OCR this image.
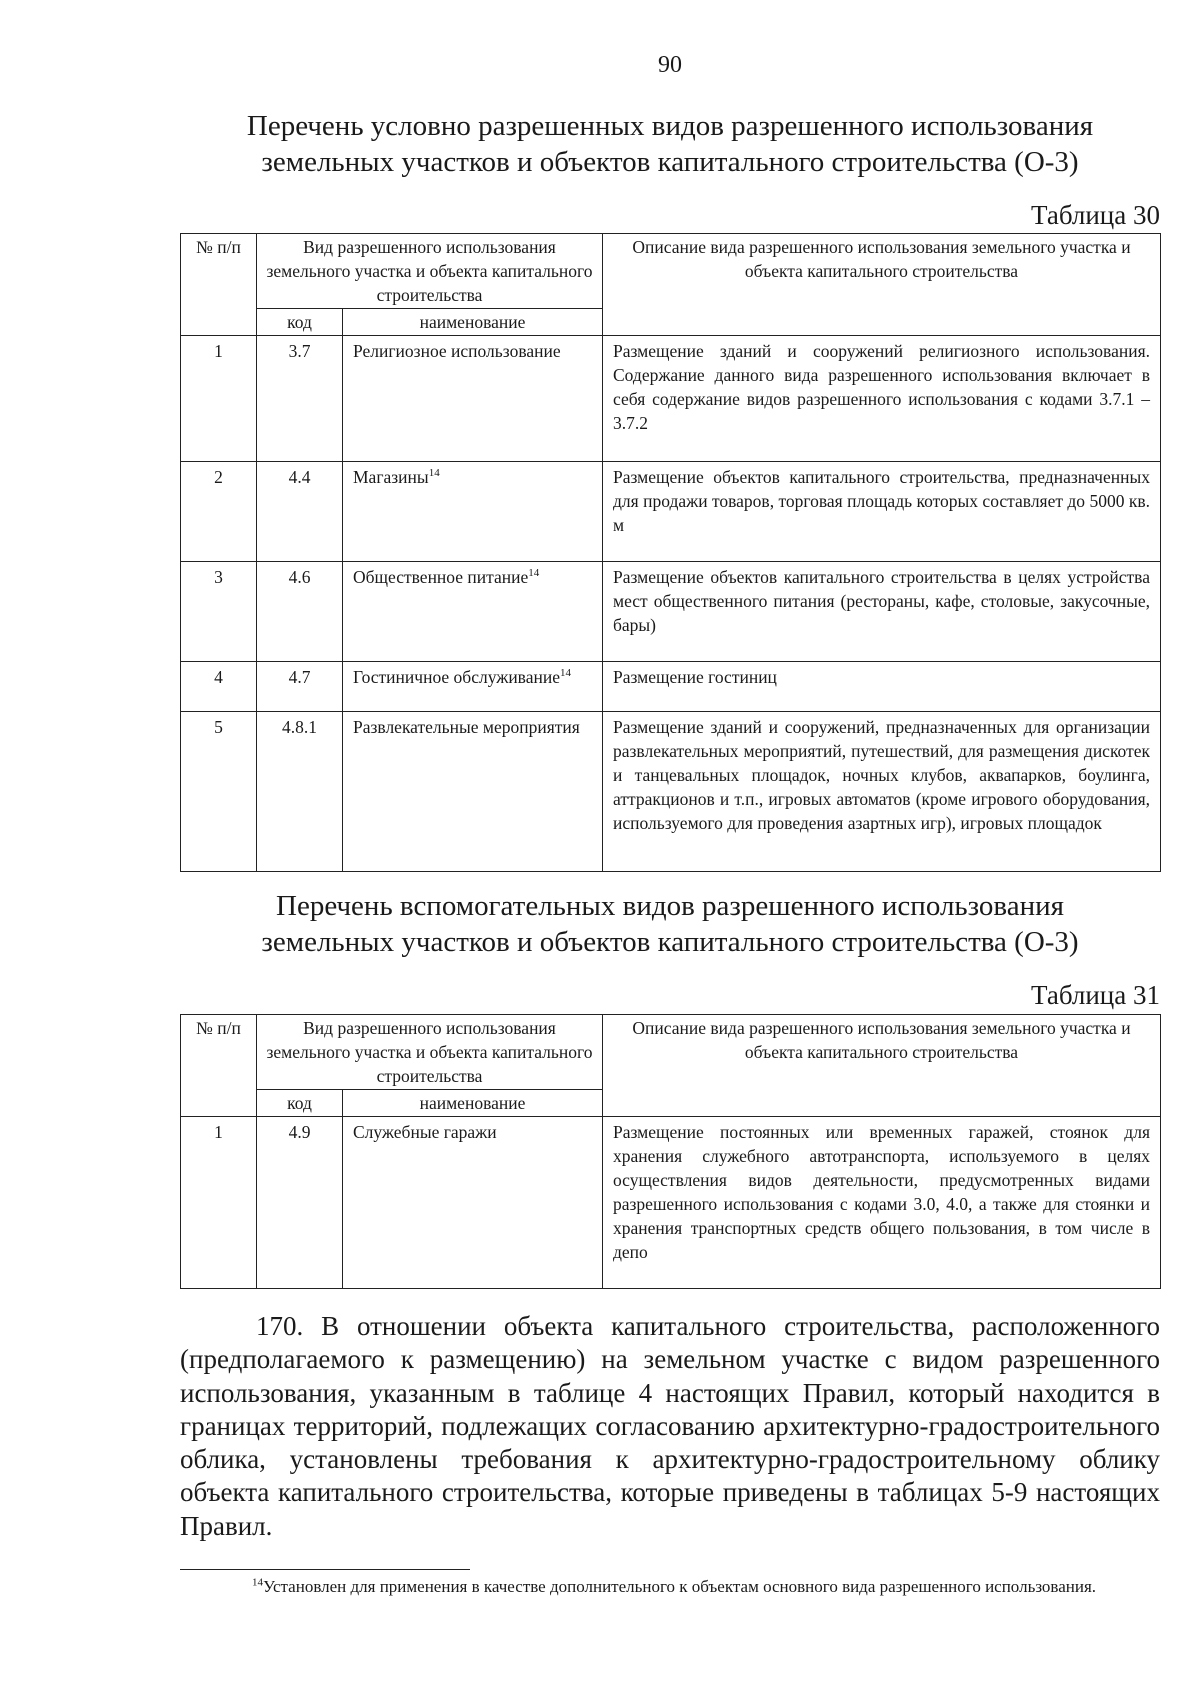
90
Перечень условно разрешенных видов разрешенного использования
земельных участков и объектов капитального строительства (О-3)
Таблица 30
№ п/п	Вид разрешенного использования земельного участка и объекта капитального строительства		Описание вида разрешенного использования земельного участка и объекта капитального строительства
	код	наименование	
1	3.7	Религиозное использование	Размещение зданий и сооружений религиозного использования. Содержание данного вида разрешенного использования включает в себя содержание видов разрешенного использования с кодами 3.7.1 – 3.7.2
2	4.4	Магазины$^{14}$	Размещение объектов капитального строительства, предназначенных для продажи товаров, торговая площадь которых составляет до 5000 кв. м
3	4.6	Общественное питание$^{14}$	Размещение объектов капитального строительства в целях устройства мест общественного питания (рестораны, кафе, столовые, закусочные, бары)
4	4.7	Гостиничное обслуживание$^{14}$	Размещение гостиниц
5	4.8.1	Развлекательные мероприятия	Размещение зданий и сооружений, предназначенных для организации развлекательных мероприятий, путешествий, для размещения дискотек и танцевальных площадок, ночных клубов, аквапарков, боулинга, аттракционов и т.п., игровых автоматов (кроме игрового оборудования, используемого для проведения азартных игр), игровых площадок
Перечень вспомогательных видов разрешенного использования
земельных участков и объектов капитального строительства (О-3)
Таблица 31
№ п/п	Вид разрешенного использования земельного участка и объекта капитального строительства		Описание вида разрешенного использования земельного участка и объекта капитального строительства
	код	наименование	
1	4.9	Служебные гаражи	Размещение постоянных или временных гаражей, стоянок для хранения служебного автотранспорта, используемого в целях осуществления видов деятельности, предусмотренных видами разрешенного использования с кодами 3.0, 4.0, а также для стоянки и хранения транспортных средств общего пользования, в том числе в депо

170. В отношении объекта капитального строительства, расположенного (предполагаемого к размещению) на земельном участке с видом разрешенного использования, указанным в таблице 4 настоящих Правил, который находится в границах территорий, подлежащих согласованию архитектурно-градостроительного облика, установлены требования к архитектурно-градостроительному облику объекта капитального строительства, которые приведены в таблицах 5-9 настоящих Правил.

$^{14}$Установлен для применения в качестве дополнительного к объектам основного вида разрешенного использования.
